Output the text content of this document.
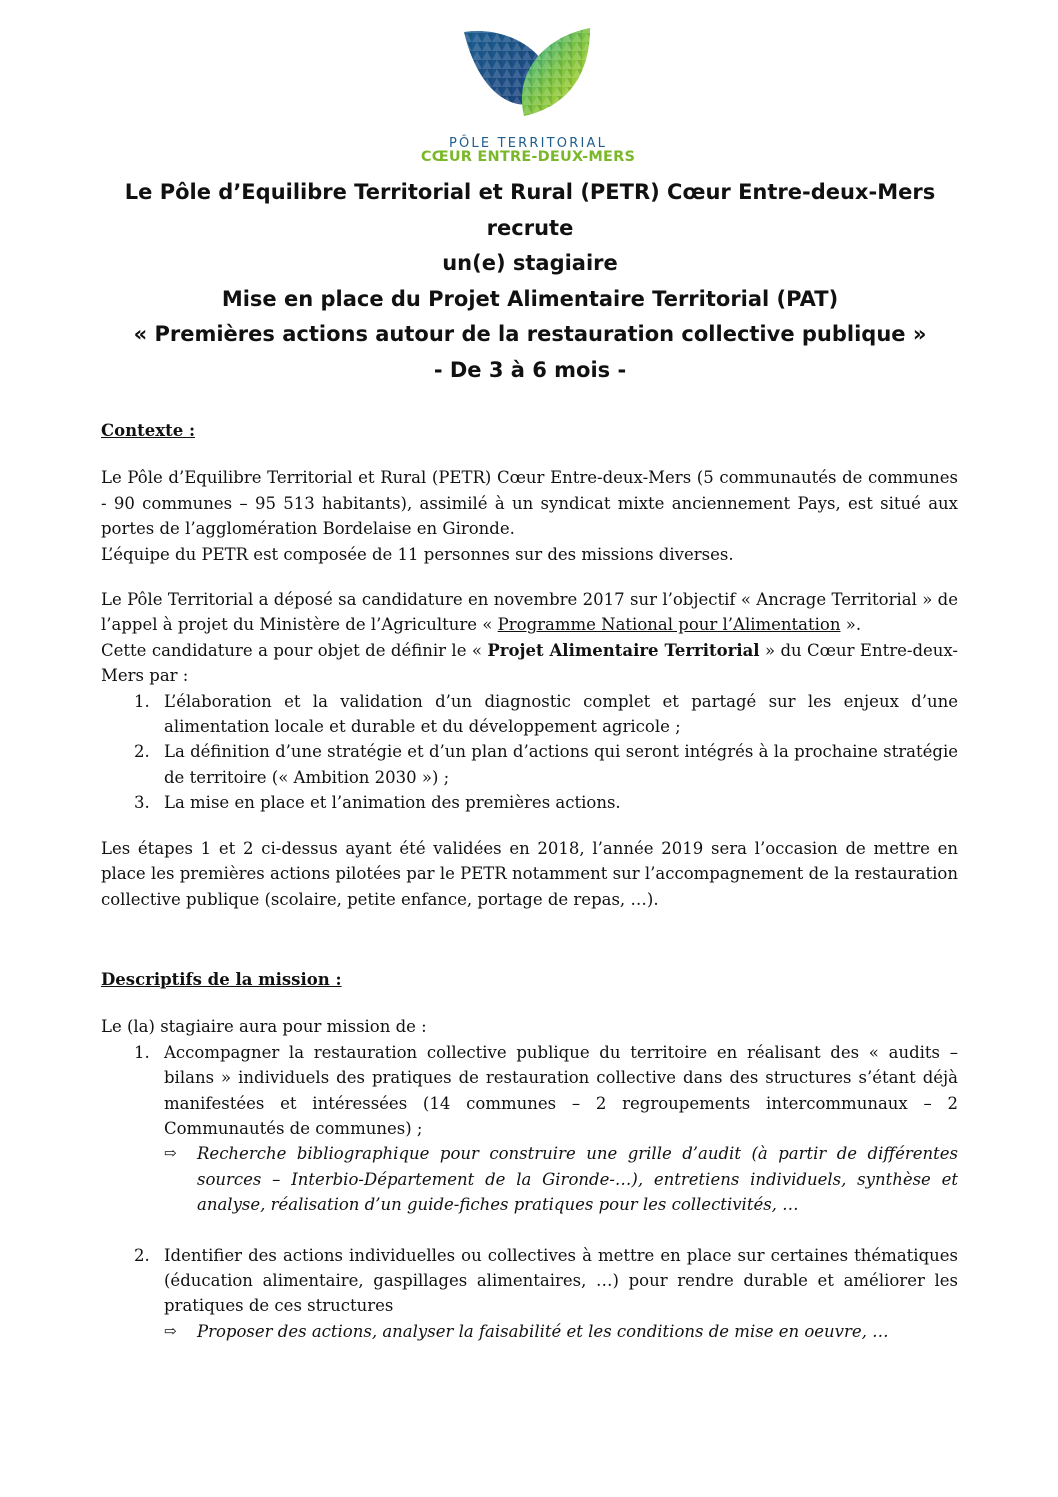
PÔLE TERRITORIAL
CŒUR ENTRE-DEUX-MERS
Le Pôle d’Equilibre Territorial et Rural (PETR) Cœur Entre-deux-Mers
recrute
un(e) stagiaire
Mise en place du Projet Alimentaire Territorial (PAT)
« Premières actions autour de la restauration collective publique »
- De 3 à 6 mois -

Contexte :

Le Pôle d’Equilibre Territorial et Rural (PETR) Cœur Entre-deux-Mers (5 communautés de communes - 90 communes – 95 513 habitants), assimilé à un syndicat mixte anciennement Pays, est situé aux portes de l’agglomération Bordelaise en Gironde.

L’équipe du PETR est composée de 11 personnes sur des missions diverses.

Le Pôle Territorial a déposé sa candidature en novembre 2017 sur l’objectif « Ancrage Territorial » de l’appel à projet du Ministère de l’Agriculture « Programme National pour l’Alimentation ».

Cette candidature a pour objet de définir le « Projet Alimentaire Territorial » du Cœur Entre-deux-Mers par :

1. L’élaboration et la validation d’un diagnostic complet et partagé sur les enjeux d’une alimentation locale et durable et du développement agricole ;
2. La définition d’une stratégie et d’un plan d’actions qui seront intégrés à la prochaine stratégie de territoire (« Ambition 2030 ») ;
3. La mise en place et l’animation des premières actions.

Les étapes 1 et 2 ci-dessus ayant été validées en 2018, l’année 2019 sera l’occasion de mettre en place les premières actions pilotées par le PETR notamment sur l’accompagnement de la restauration collective publique (scolaire, petite enfance, portage de repas, …).

Descriptifs de la mission :

Le (la) stagiaire aura pour mission de :

1. Accompagner la restauration collective publique du territoire en réalisant des « audits – bilans » individuels des pratiques de restauration collective dans des structures s’étant déjà manifestées et intéressées (14 communes – 2 regroupements intercommunaux – 2 Communautés de communes) ;
⇨ Recherche bibliographique pour construire une grille d’audit (à partir de différentes sources – Interbio-Département de la Gironde-…), entretiens individuels, synthèse et analyse, réalisation d’un guide-fiches pratiques pour les collectivités, …
2. Identifier des actions individuelles ou collectives à mettre en place sur certaines thématiques (éducation alimentaire, gaspillages alimentaires, …) pour rendre durable et améliorer les pratiques de ces structures
⇨ Proposer des actions, analyser la faisabilité et les conditions de mise en oeuvre, …
